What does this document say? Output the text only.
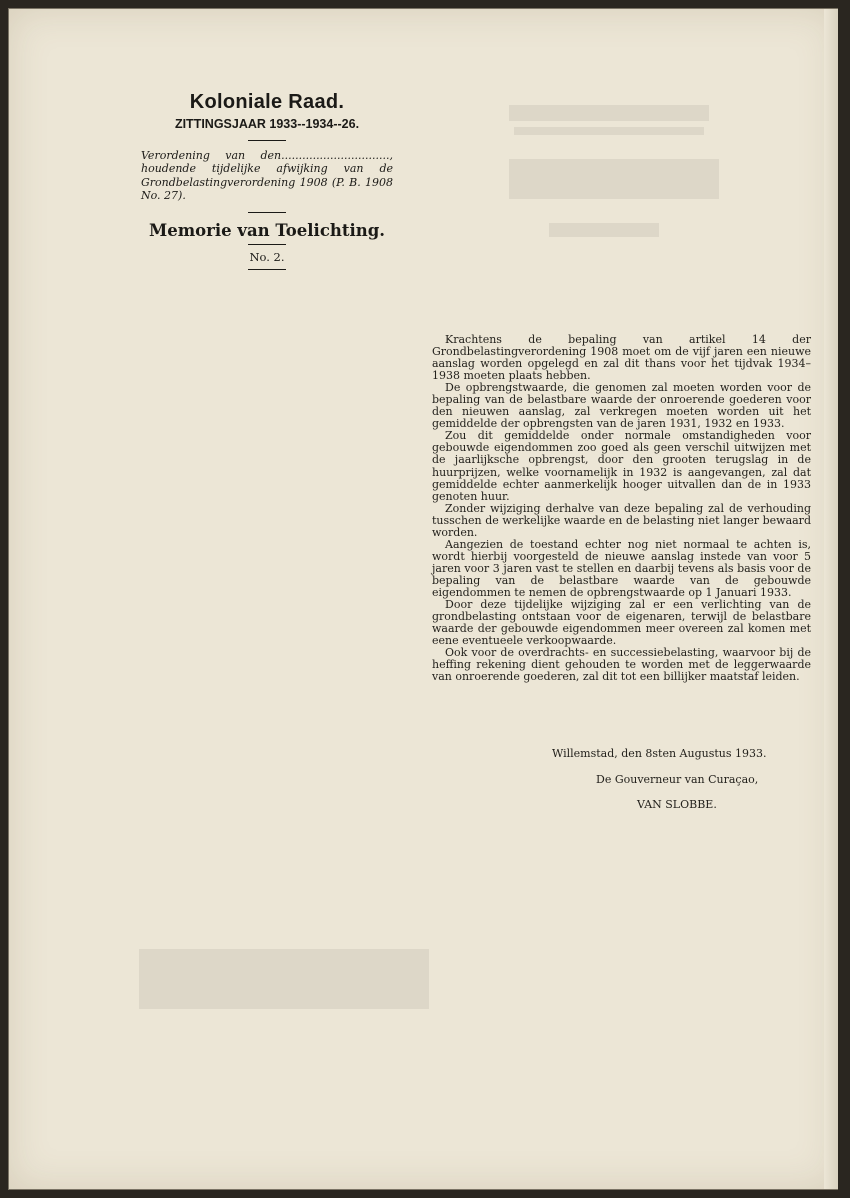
Koloniale Raad.
ZITTINGSJAAR 1933--1934--26.

Verordening van den..............................., houdende tijdelijke afwijking van de Grondbelastingverordening 1908 (P. B. 1908 No. 27).

Memorie van Toelichting.
No. 2.

Krachtens de bepaling van artikel 14 der Grondbelastingverordening 1908 moet om de vijf jaren een nieuwe aanslag worden opgelegd en zal dit thans voor het tijdvak 1934–1938 moeten plaats hebben.

De opbrengstwaarde, die genomen zal moeten worden voor de bepaling van de belastbare waarde der onroerende goederen voor den nieuwen aanslag, zal verkregen moeten worden uit het gemiddelde der opbrengsten van de jaren 1931, 1932 en 1933.

Zou dit gemiddelde onder normale omstandigheden voor gebouwde eigendommen zoo goed als geen verschil uitwijzen met de jaarlijksche opbrengst, door den grooten terugslag in de huurprijzen, welke voornamelijk in 1932 is aangevangen, zal dat gemiddelde echter aanmerkelijk hooger uitvallen dan de in 1933 genoten huur.

Zonder wijziging derhalve van deze bepaling zal de verhouding tusschen de werkelijke waarde en de belasting niet langer bewaard worden.

Aangezien de toestand echter nog niet normaal te achten is, wordt hierbij voorgesteld de nieuwe aanslag instede van voor 5 jaren voor 3 jaren vast te stellen en daarbij tevens als basis voor de bepaling van de belastbare waarde van de gebouwde eigendommen te nemen de opbrengstwaarde op 1 Januari 1933.

Door deze tijdelijke wijziging zal er een verlichting van de grondbelasting ontstaan voor de eigenaren, terwijl de belastbare waarde der gebouwde eigendommen meer overeen zal komen met eene eventueele verkoopwaarde.

Ook voor de overdrachts- en successiebelasting, waarvoor bij de heffing rekening dient gehouden te worden met de leggerwaarde van onroerende goederen, zal dit tot een billijker maatstaf leiden.

Willemstad, den 8sten Augustus 1933.
De Gouverneur van Curaçao,
VAN SLOBBE.
